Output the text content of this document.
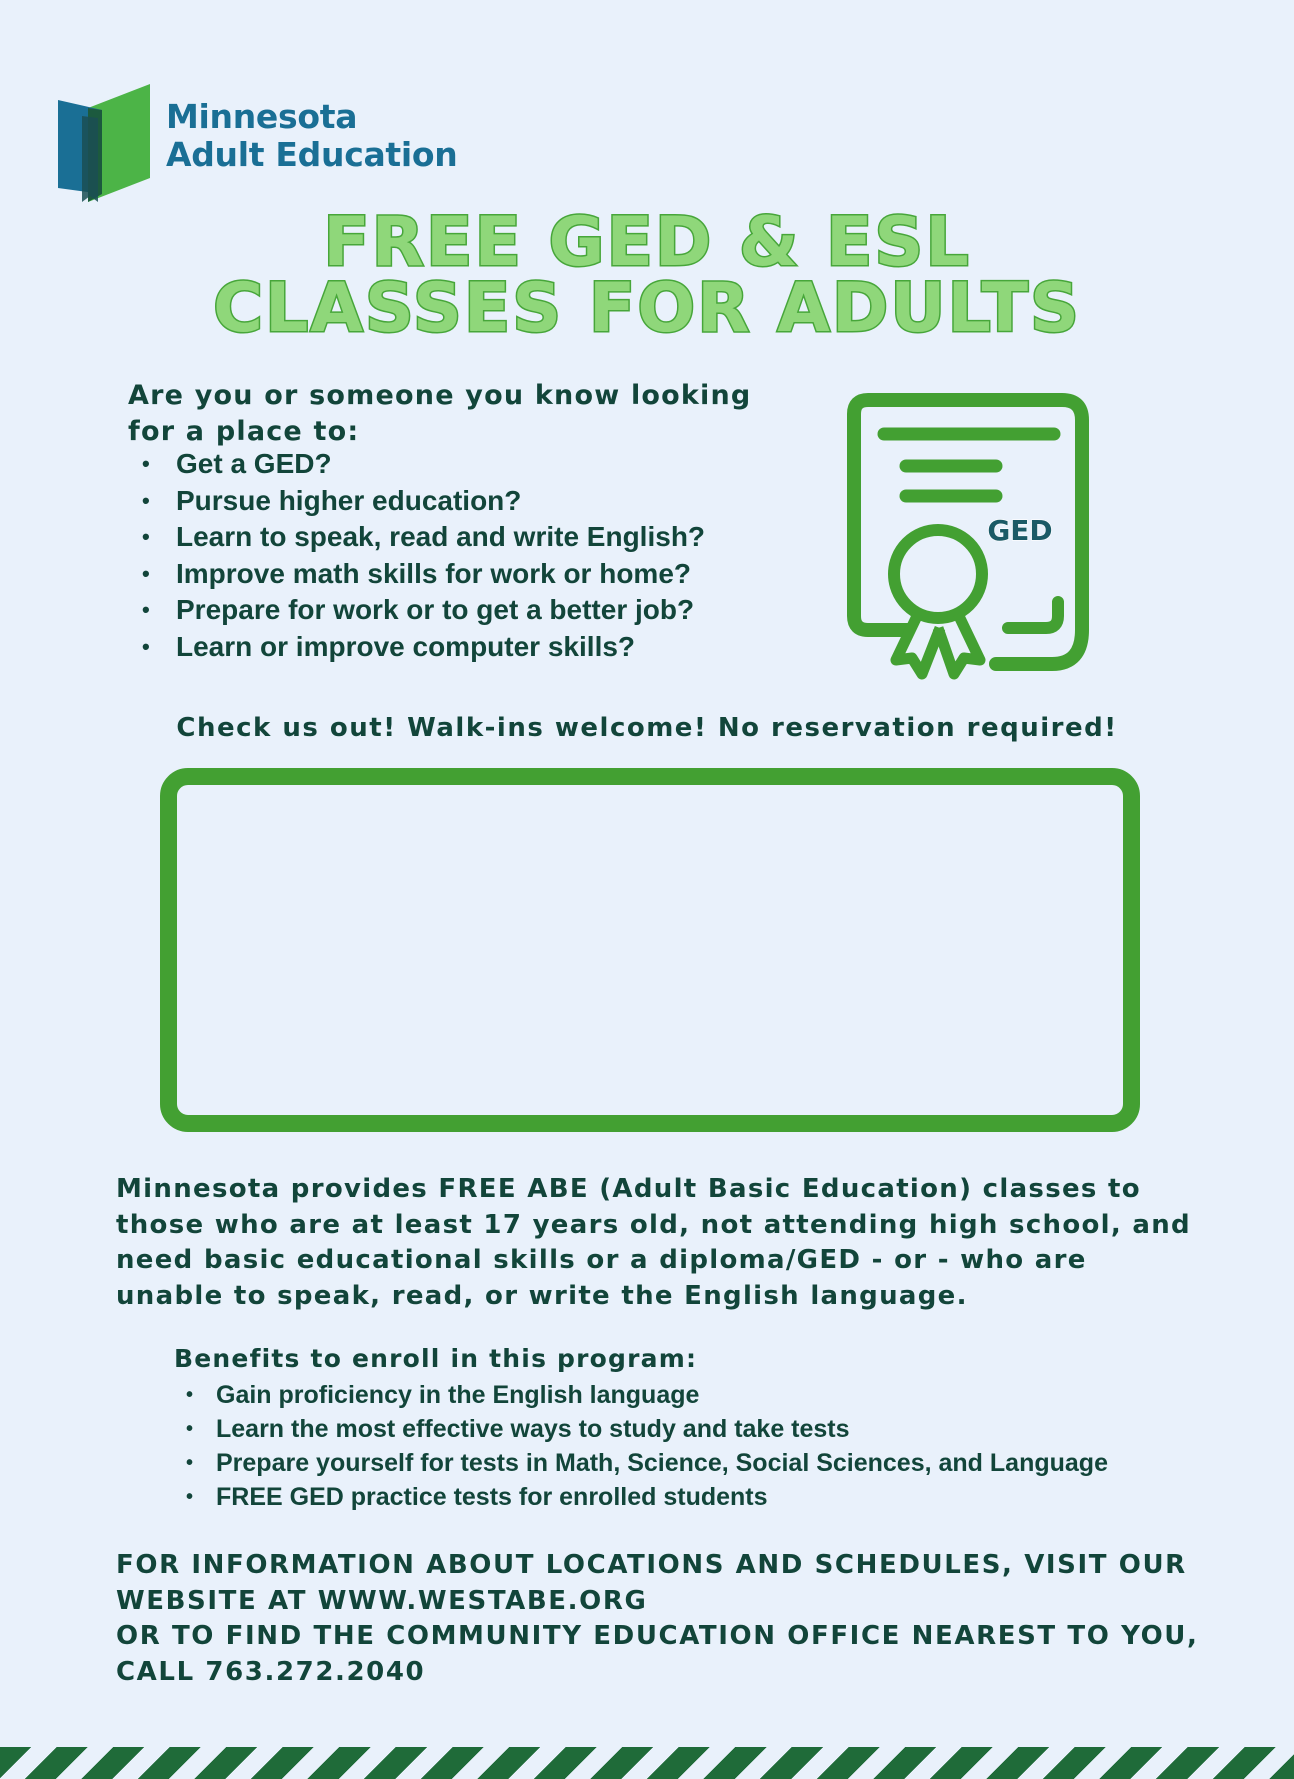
Minnesota
Adult Education
FREE GED & ESL
CLASSES FOR ADULTS
Are you or someone you know looking for a place to:
• Get a GED?
• Pursue higher education?
• Learn to speak, read and write English?
• Improve math skills for work or home?
• Prepare for work or to get a better job?
• Learn or improve computer skills?
GED
Check us out! Walk-ins welcome! No reservation required!
Minnesota provides FREE ABE (Adult Basic Education) classes to those who are at least 17 years old, not attending high school, and need basic educational skills or a diploma/GED - or - who are unable to speak, read, or write the English language.
Benefits to enroll in this program:
• Gain proficiency in the English language
• Learn the most effective ways to study and take tests
• Prepare yourself for tests in Math, Science, Social Sciences, and Language
• FREE GED practice tests for enrolled students
FOR INFORMATION ABOUT LOCATIONS AND SCHEDULES, VISIT OUR
WEBSITE AT WWW.WESTABE.ORG
OR TO FIND THE COMMUNITY EDUCATION OFFICE NEAREST TO YOU,
CALL 763.272.2040
